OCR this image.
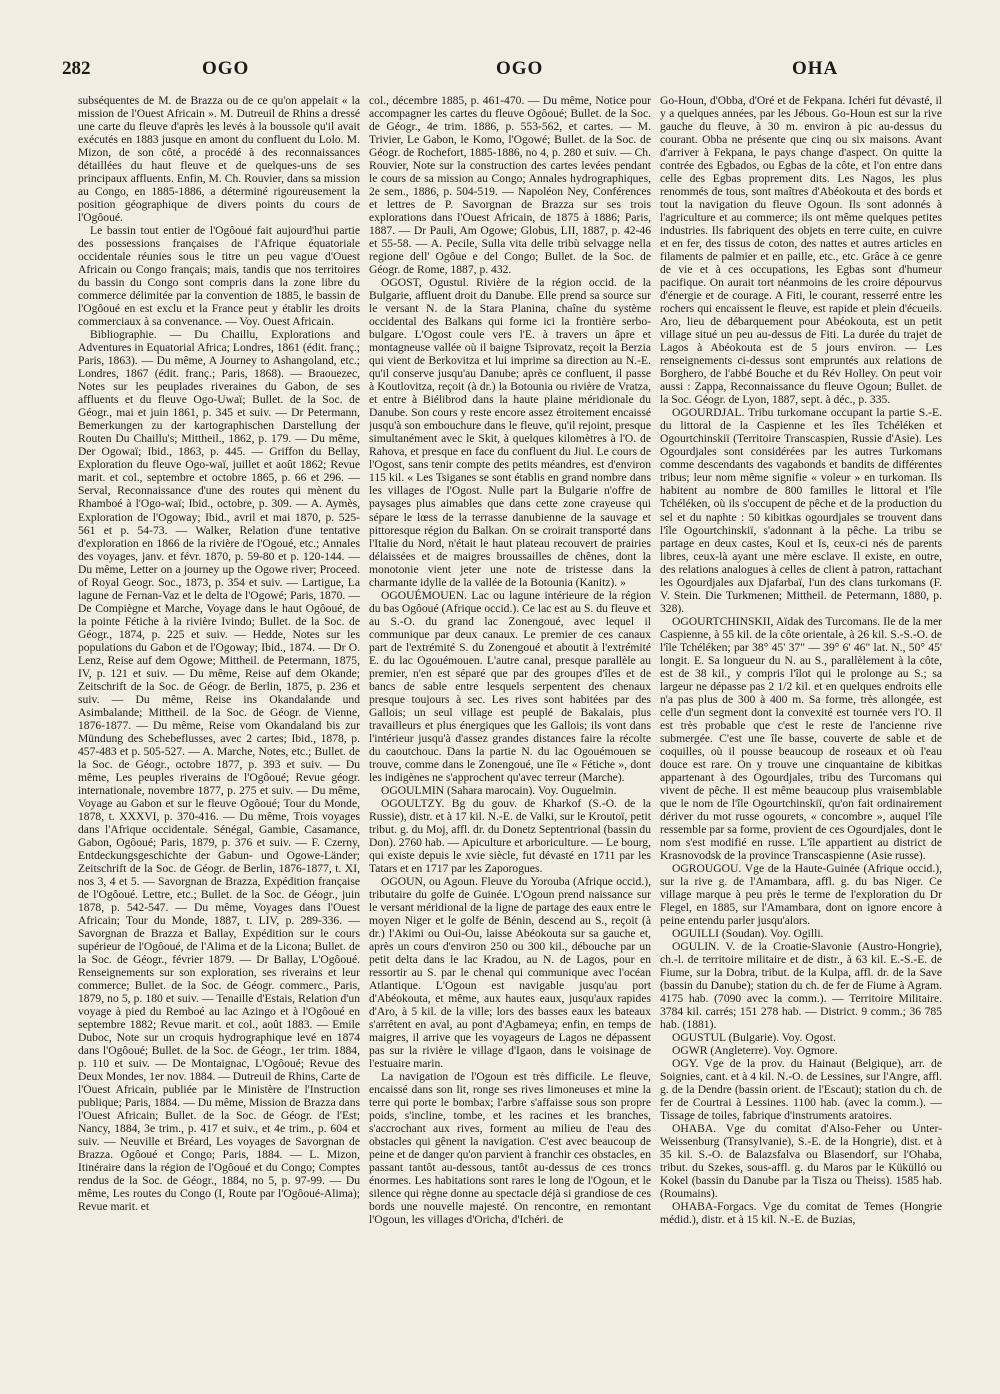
282	OGO	OGO	OHA

subséquentes de M. de Brazza ou de ce qu'on appelait « la mission de l'Ouest Africain ». M. Dutreuil de Rhins a dressé une carte du fleuve d'après les levés à la boussole qu'il avait exécutés en 1883 jusque en amont du confluent du Lolo. M. Mizon, de son côté, a procédé à des reconnaissances détaillées du haut fleuve et de quelques-uns de ses principaux affluents. Enfin, M. Ch. Rouvier, dans sa mission au Congo, en 1885-1886, a déterminé rigoureusement la position géographique de divers points du cours de l'Ogôoué.

Le bassin tout entier de l'Ogôoué fait aujourd'hui partie des possessions françaises de l'Afrique équatoriale occidentale réunies sous le titre un peu vague d'Ouest Africain ou Congo français; mais, tandis que nos territoires du bassin du Congo sont compris dans la zone libre du commerce délimitée par la convention de 1885, le bassin de l'Ogôoué en est exclu et la France peut y établir les droits commerciaux à sa convenance. — Voy. Ouest Africain.

Bibliographie. — Du Chaillu, Explorations and Adventures in Equatorial Africa; Londres, 1861 (édit. franç.; Paris, 1863). — Du même, A Journey to Ashangoland, etc.; Londres, 1867 (édit. franç.; Paris, 1868). — Braouezec, Notes sur les peuplades riveraines du Gabon, de ses affluents et du fleuve Ogo-Uwaï; Bullet. de la Soc. de Géogr., mai et juin 1861, p. 345 et suiv. — Dr Petermann, Bemerkungen zu der kartographischen Darstellung der Routen Du Chaillu's; Mittheil., 1862, p. 179. — Du même, Der Ogowaï; Ibid., 1863, p. 445. — Griffon du Bellay, Exploration du fleuve Ogo-waï, juillet et août 1862; Revue marit. et col., septembre et octobre 1865, p. 66 et 296. — Serval, Reconnaissance d'une des routes qui mènent du Rhamboé à l'Ogo-waï; Ibid., octobre, p. 309. — A. Aymès, Exploration de l'Ogoway; Ibid., avril et mai 1870, p. 525-561 et p. 54-73. — Walker, Relation d'une tentative d'exploration en 1866 de la rivière de l'Ogoué, etc.; Annales des voyages, janv. et févr. 1870, p. 59-80 et p. 120-144. — Du même, Letter on a journey up the Ogowe river; Proceed. of Royal Geogr. Soc., 1873, p. 354 et suiv. — Lartigue, La lagune de Fernan-Vaz et le delta de l'Ogowé; Paris, 1870. — De Compiègne et Marche, Voyage dans le haut Ogôoué, de la pointe Fétiche à la rivière Ivindo; Bullet. de la Soc. de Géogr., 1874, p. 225 et suiv. — Hedde, Notes sur les populations du Gabon et de l'Ogoway; Ibid., 1874. — Dr O. Lenz, Reise auf dem Ogowe; Mittheil. de Petermann, 1875, IV, p. 121 et suiv. — Du même, Reise auf dem Okande; Zeitschrift de la Soc. de Géogr. de Berlin, 1875, p. 236 et suiv. — Du même, Reise ins Okandalande und Asimbalande; Mittheil. de la Soc. de Géogr. de Vienne, 1876-1877. — Du même, Reise vom Okandaland bis zur Mündung des Schebeflusses, avec 2 cartes; Ibid., 1878, p. 457-483 et p. 505-527. — A. Marche, Notes, etc.; Bullet. de la Soc. de Géogr., octobre 1877, p. 393 et suiv. — Du même, Les peuples riverains de l'Ogôoué; Revue géogr. internationale, novembre 1877, p. 275 et suiv. — Du même, Voyage au Gabon et sur le fleuve Ogôoué; Tour du Monde, 1878, t. XXXVI, p. 370-416. — Du même, Trois voyages dans l'Afrique occidentale. Sénégal, Gambie, Casamance, Gabon, Ogôoué; Paris, 1879, p. 376 et suiv. — F. Czerny, Entdeckungsgeschichte der Gabun- und Ogowe-Länder; Zeitschrift de la Soc. de Géogr. de Berlin, 1876-1877, t. XI, nos 3, 4 et 5. — Savorgnan de Brazza, Expédition française de l'Ogôoué. Lettre, etc.; Bullet. de la Soc. de Géogr., juin 1878, p. 542-547. — Du même, Voyages dans l'Ouest Africain; Tour du Monde, 1887, t. LIV, p. 289-336. — Savorgnan de Brazza et Ballay, Expédition sur le cours supérieur de l'Ogôoué, de l'Alima et de la Licona; Bullet. de la Soc. de Géogr., février 1879. — Dr Ballay, L'Ogôoué. Renseignements sur son exploration, ses riverains et leur commerce; Bullet. de la Soc. de Géogr. commerc., Paris, 1879, no 5, p. 180 et suiv. — Tenaille d'Estais, Relation d'un voyage à pied du Remboé au lac Azingo et à l'Ogôoué en septembre 1882; Revue marit. et col., août 1883. — Emile Duboc, Note sur un croquis hydrographique levé en 1874 dans l'Ogôoué; Bullet. de la Soc. de Géogr., 1er trim. 1884, p. 110 et suiv. — De Montaignac, L'Ogôoué; Revue des Deux Mondes, 1er nov. 1884. — Dutreuil de Rhins, Carte de l'Ouest Africain, publiée par le Ministère de l'Instruction publique; Paris, 1884. — Du même, Mission de Brazza dans l'Ouest Africain; Bullet. de la Soc. de Géogr. de l'Est; Nancy, 1884, 3e trim., p. 417 et suiv., et 4e trim., p. 604 et suiv. — Neuville et Bréard, Les voyages de Savorgnan de Brazza. Ogôoué et Congo; Paris, 1884. — L. Mizon, Itinéraire dans la région de l'Ogôoué et du Congo; Comptes rendus de la Soc. de Géogr., 1884, no 5, p. 97-99. — Du même, Les routes du Congo (I, Route par l'Ogôoué-Alima); Revue marit. et

col., décembre 1885, p. 461-470. — Du même, Notice pour accompagner les cartes du fleuve Ogôoué; Bullet. de la Soc. de Géogr., 4e trim. 1886, p. 553-562, et cartes. — M. Trivier, Le Gabon, le Komo, l'Ogowé; Bullet. de la Soc. de Géogr. de Rochefort, 1885-1886, no 4, p. 280 et suiv. — Ch. Rouvier, Note sur la construction des cartes levées pendant le cours de sa mission au Congo; Annales hydrographiques, 2e sem., 1886, p. 504-519. — Napoléon Ney, Conférences et lettres de P. Savorgnan de Brazza sur ses trois explorations dans l'Ouest Africain, de 1875 à 1886; Paris, 1887. — Dr Pauli, Am Ogowe; Globus, LII, 1887, p. 42-46 et 55-58. — A. Pecile, Sulla vita delle tribù selvagge nella regione dell' Ogôue e del Congo; Bullet. de la Soc. de Géogr. de Rome, 1887, p. 432.

OGOST, Ogustul. Rivière de la région occid. de la Bulgarie, affluent droit du Danube. Elle prend sa source sur le versant N. de la Stara Planina, chaîne du système occidental des Balkans qui forme ici la frontière serbo-bulgare. L'Ogost coule vers l'E. à travers un âpre et montagneuse vallée où il baigne Tsiprovatz, reçoit la Berzia qui vient de Berkovitza et lui imprime sa direction au N.-E. qu'il conserve jusqu'au Danube; après ce confluent, il passe à Koutlovitza, reçoit (à dr.) la Botounia ou rivière de Vratza, et entre à Biélibrod dans la haute plaine méridionale du Danube. Son cours y reste encore assez étroitement encaissé jusqu'à son embouchure dans le fleuve, qu'il rejoint, presque simultanément avec le Skit, à quelques kilomètres à l'O. de Rahova, et presque en face du confluent du Jiul. Le cours de l'Ogost, sans tenir compte des petits méandres, est d'environ 115 kil. « Les Tsiganes se sont établis en grand nombre dans les villages de l'Ogost. Nulle part la Bulgarie n'offre de paysages plus aimables que dans cette zone crayeuse qui sépare le lœss de la terrasse danubienne de la sauvage et pittoresque région du Balkan. On se croirait transporté dans l'Italie du Nord, n'était le haut plateau recouvert de prairies délaissées et de maigres broussailles de chênes, dont la monotonie vient jeter une note de tristesse dans la charmante idylle de la vallée de la Botounia (Kanitz). »

OGOUÉMOUEN. Lac ou lagune intérieure de la région du bas Ogôoué (Afrique occid.). Ce lac est au S. du fleuve et au S.-O. du grand lac Zonengoué, avec lequel il communique par deux canaux. Le premier de ces canaux part de l'extrémité S. du Zonengoué et aboutit à l'extrémité E. du lac Ogouémouen. L'autre canal, presque parallèle au premier, n'en est séparé que par des groupes d'îles et de bancs de sable entre lesquels serpentent des chenaux presque toujours à sec. Les rives sont habitées par des Gallois; un seul village est peuplé de Bakalais, plus travailleurs et plus énergiques que les Gallois; ils vont dans l'intérieur jusqu'à d'assez grandes distances faire la récolte du caoutchouc. Dans la partie N. du lac Ogouémouen se trouve, comme dans le Zonengoué, une île « Fétiche », dont les indigènes ne s'approchent qu'avec terreur (Marche).

OGOULMIN (Sahara marocain). Voy. Ouguelmin.

OGOULTZY. Bg du gouv. de Kharkof (S.-O. de la Russie), distr. et à 17 kil. N.-E. de Valki, sur le Kroutoï, petit tribut. g. du Moj, affl. dr. du Donetz Septentrional (bassin du Don). 2760 hab. — Apiculture et arboriculture. — Le bourg, qui existe depuis le xvie siècle, fut dévasté en 1711 par les Tatars et en 1717 par les Zaporogues.

OGOUN, ou Agoun. Fleuve du Yorouba (Afrique occid.), tributaire du golfe de Guinée. L'Ogoun prend naissance sur le versant méridional de la ligne de partage des eaux entre le moyen Niger et le golfe de Bénin, descend au S., reçoit (à dr.) l'Akimi ou Oui-Ou, laisse Abéokouta sur sa gauche et, après un cours d'environ 250 ou 300 kil., débouche par un petit delta dans le lac Kradou, au N. de Lagos, pour en ressortir au S. par le chenal qui communique avec l'océan Atlantique. L'Ogoun est navigable jusqu'au port d'Abéokouta, et même, aux hautes eaux, jusqu'aux rapides d'Aro, à 5 kil. de la ville; lors des basses eaux les bateaux s'arrêtent en aval, au pont d'Agbameya; enfin, en temps de maigres, il arrive que les voyageurs de Lagos ne dépassent pas sur la rivière le village d'Igaon, dans le voisinage de l'estuaire marin.

La navigation de l'Ogoun est très difficile. Le fleuve, encaissé dans son lit, ronge ses rives limoneuses et mine la terre qui porte le bombax; l'arbre s'affaisse sous son propre poids, s'incline, tombe, et les racines et les branches, s'accrochant aux rives, forment au milieu de l'eau des obstacles qui gênent la navigation. C'est avec beaucoup de peine et de danger qu'on parvient à franchir ces obstacles, en passant tantôt au-dessous, tantôt au-dessus de ces troncs énormes. Les habitations sont rares le long de l'Ogoun, et le silence qui règne donne au spectacle déjà si grandiose de ces bords une nouvelle majesté. On rencontre, en remontant l'Ogoun, les villages d'Oricha, d'Ichéri. de

Go-Houn, d'Obba, d'Oré et de Fekpana. Ichéri fut dévasté, il y a quelques années, par les Jébous. Go-Houn est sur la rive gauche du fleuve, à 30 m. environ à pic au-dessus du courant. Obba ne présente que cinq ou six maisons. Avant d'arriver à Fekpana, le pays change d'aspect. On quitte la contrée des Egbados, ou Egbas de la côte, et l'on entre dans celle des Egbas proprement dits. Les Nagos, les plus renommés de tous, sont maîtres d'Abéokouta et des bords et tout la navigation du fleuve Ogoun. Ils sont adonnés à l'agriculture et au commerce; ils ont même quelques petites industries. Ils fabriquent des objets en terre cuite, en cuivre et en fer, des tissus de coton, des nattes et autres articles en filaments de palmier et en paille, etc., etc. Grâce à ce genre de vie et à ces occupations, les Egbas sont d'humeur pacifique. On aurait tort néanmoins de les croire dépourvus d'énergie et de courage. A Fiti, le courant, resserré entre les rochers qui encaissent le fleuve, est rapide et plein d'écueils. Aro, lieu de débarquement pour Abéokouta, est un petit village situé un peu au-dessus de Fiti. La durée du trajet de Lagos à Abéokouta est de 5 jours environ. — Les renseignements ci-dessus sont empruntés aux relations de Borghero, de l'abbé Bouche et du Rév Holley. On peut voir aussi : Zappa, Reconnaissance du fleuve Ogoun; Bullet. de la Soc. Géogr. de Lyon, 1887, sept. à déc., p. 335.

OGOURDJAL. Tribu turkomane occupant la partie S.-E. du littoral de la Caspienne et les îles Tchéléken et Ogourtchinskiï (Territoire Transcaspien, Russie d'Asie). Les Ogourdjales sont considérées par les autres Turkomans comme descendants des vagabonds et bandits de différentes tribus; leur nom même signifie « voleur » en turkoman. Ils habitent au nombre de 800 familles le littoral et l'île Tchéléken, où ils s'occupent de pêche et de la production du sel et du naphte : 50 kibitkas ogourdjales se trouvent dans l'île Ogourtchinskiï, s'adonnant à la pêche. La tribu se partage en deux castes, Koul et Is, ceux-ci nés de parents libres, ceux-là ayant une mère esclave. Il existe, en outre, des relations analogues à celles de client à patron, rattachant les Ogourdjales aux Djafarbaï, l'un des clans turkomans (F. V. Stein. Die Turkmenen; Mittheil. de Petermann, 1880, p. 328).

OGOURTCHINSKII, Aïdak des Turcomans. Ile de la mer Caspienne, à 55 kil. de la côte orientale, à 26 kil. S.-S.-O. de l'île Tchéléken; par 38° 45' 37" — 39° 6' 46" lat. N., 50° 45' longit. E. Sa longueur du N. au S., parallèlement à la côte, est de 38 kil., y compris l'îlot qui le prolonge au S.; sa largeur ne dépasse pas 2 1/2 kil. et en quelques endroits elle n'a pas plus de 300 à 400 m. Sa forme, très allongée, est celle d'un segment dont la convexité est tournée vers l'O. Il est très probable que c'est le reste de l'ancienne rive submergée. C'est une île basse, couverte de sable et de coquilles, où il pousse beaucoup de roseaux et où l'eau douce est rare. On y trouve une cinquantaine de kibitkas appartenant à des Ogourdjales, tribu des Turcomans qui vivent de pêche. Il est même beaucoup plus vraisemblable que le nom de l'île Ogourtchinskiï, qu'on fait ordinairement dériver du mot russe ogourets, « concombre », auquel l'île ressemble par sa forme, provient de ces Ogourdjales, dont le nom s'est modifié en russe. L'île appartient au district de Krasnovodsk de la province Transcaspienne (Asie russe).

OGROUGOU. Vge de la Haute-Guinée (Afrique occid.), sur la rive g. de l'Amambara, affl. g. du bas Niger. Ce village marque à peu près le terme de l'exploration du Dr Flegel, en 1885, sur l'Amambara, dont on ignore encore à peine entendu parler jusqu'alors.

OGUILLI (Soudan). Voy. Ogilli.

OGULIN. V. de la Croatie-Slavonie (Austro-Hongrie), ch.-l. de territoire militaire et de distr., à 63 kil. E.-S.-E. de Fiume, sur la Dobra, tribut. de la Kulpa, affl. dr. de la Save (bassin du Danube); station du ch. de fer de Fiume à Agram. 4175 hab. (7090 avec la comm.). — Territoire Militaire. 3784 kil. carrés; 151 278 hab. — District. 9 comm.; 36 785 hab. (1881).

OGUSTUL (Bulgarie). Voy. Ogost.

OGWR (Angleterre). Voy. Ogmore.

OGY. Vge de la prov. du Hainaut (Belgique), arr. de Soignies, cant. et à 4 kil. N.-O. de Lessines, sur l'Angre, affl. g. de la Dendre (bassin orient. de l'Escaut); station du ch. de fer de Courtrai à Lessines. 1100 hab. (avec la comm.). — Tissage de toiles, fabrique d'instruments aratoires.

OHABA. Vge du comitat d'Also-Feher ou Unter-Weissenburg (Transylvanie), S.-E. de la Hongrie), dist. et à 35 kil. S.-O. de Balazsfalva ou Blasendorf, sur l'Ohaba, tribut. du Szekes, sous-affl. g. du Maros par le Kükülló ou Kokel (bassin du Danube par la Tisza ou Theiss). 1585 hab. (Roumains).

OHABA-Forgacs. Vge du comitat de Temes (Hongrie médid.), distr. et à 15 kil. N.-E. de Buzias,
